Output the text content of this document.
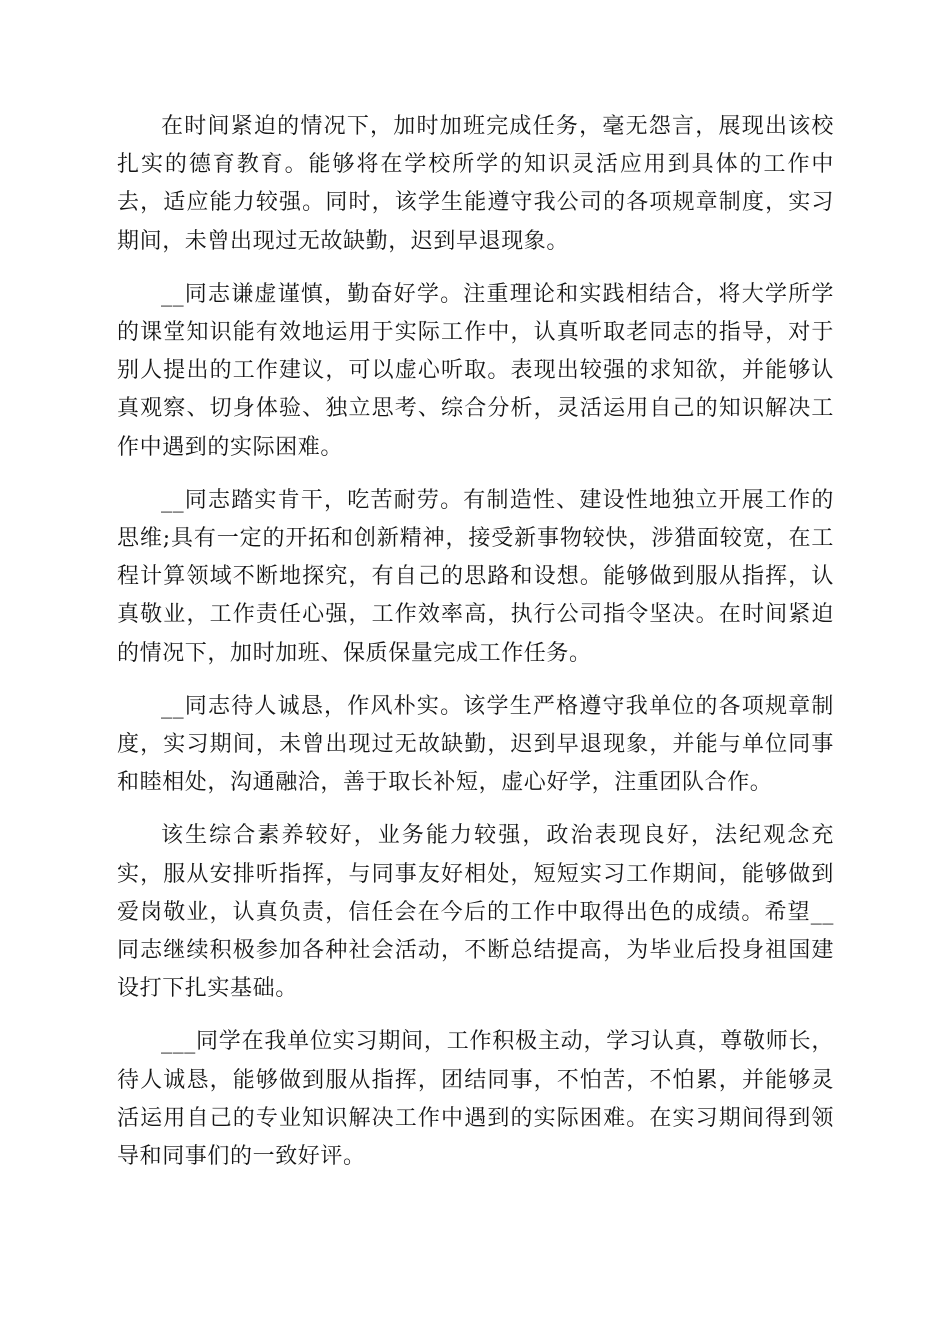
在时间紧迫的情况下，加时加班完成任务，毫无怨言，展现出该校扎实的德育教育。能够将在学校所学的知识灵活应用到具体的工作中去，适应能力较强。同时，该学生能遵守我公司的各项规章制度，实习期间，未曾出现过无故缺勤，迟到早退现象。

__同志谦虚谨慎，勤奋好学。注重理论和实践相结合，将大学所学的课堂知识能有效地运用于实际工作中，认真听取老同志的指导，对于别人提出的工作建议，可以虚心听取。表现出较强的求知欲，并能够认真观察、切身体验、独立思考、综合分析，灵活运用自己的知识解决工作中遇到的实际困难。

__同志踏实肯干，吃苦耐劳。有制造性、建设性地独立开展工作的思维;具有一定的开拓和创新精神，接受新事物较快，涉猎面较宽，在工程计算领域不断地探究，有自己的思路和设想。能够做到服从指挥，认真敬业，工作责任心强，工作效率高，执行公司指令坚决。在时间紧迫的情况下，加时加班、保质保量完成工作任务。

__同志待人诚恳，作风朴实。该学生严格遵守我单位的各项规章制度，实习期间，未曾出现过无故缺勤，迟到早退现象，并能与单位同事和睦相处，沟通融洽，善于取长补短，虚心好学，注重团队合作。

该生综合素养较好，业务能力较强，政治表现良好，法纪观念充实，服从安排听指挥，与同事友好相处，短短实习工作期间，能够做到爱岗敬业，认真负责，信任会在今后的工作中取得出色的成绩。希望__同志继续积极参加各种社会活动，不断总结提高，为毕业后投身祖国建设打下扎实基础。

___同学在我单位实习期间，工作积极主动，学习认真，尊敬师长，待人诚恳，能够做到服从指挥，团结同事，不怕苦，不怕累，并能够灵活运用自己的专业知识解决工作中遇到的实际困难。在实习期间得到领导和同事们的一致好评。
